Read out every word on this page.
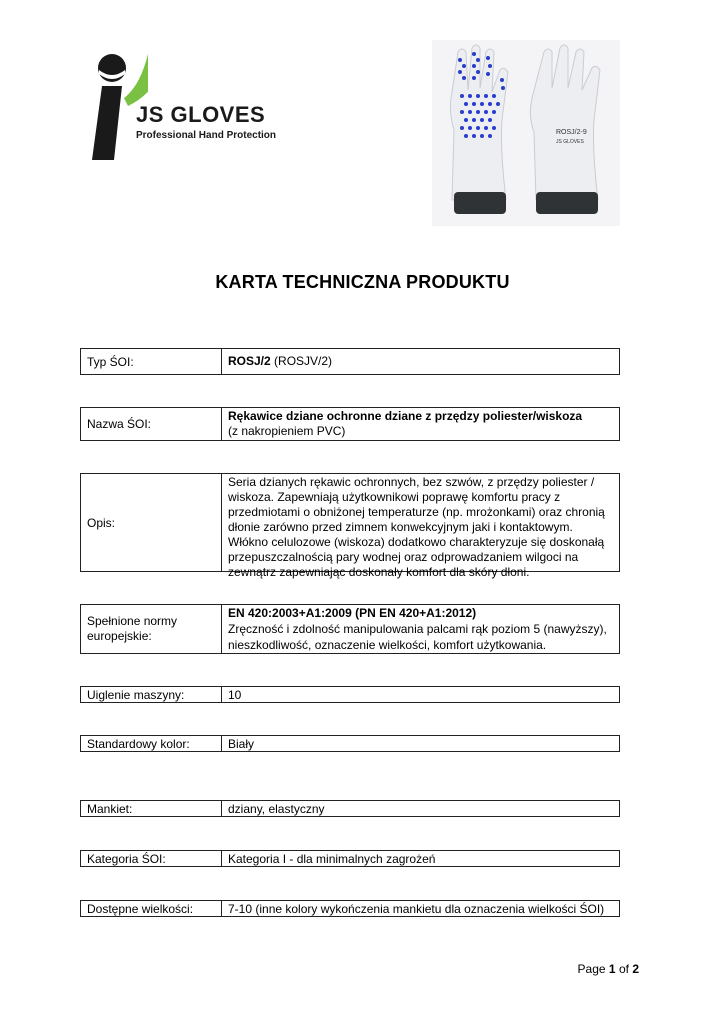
JS GLOVES
Professional Hand Protection	ROSJ/2-9
JS GLOVES
KARTA TECHNICZNA PRODUKTU
Typ ŚOI:	ROSJ/2
(ROSJV/2)
Nazwa ŚOI:
Rękawice dziane ochronne dziane z przędzy poliester/wiskoza
(z nakropieniem PVC)
Opis:
Seria dzianych rękawic ochronnych, bez szwów, z przędzy poliester / wiskoza. Zapewniają użytkownikowi poprawę komfortu pracy z przedmiotami o obniżonej temperaturze (np. mrożonkami) oraz chronią dłonie zarówno przed zimnem konwekcyjnym jaki i kontaktowym. Włókno celulozowe (wiskoza) dodatkowo charakteryzuje się doskonałą przepuszczalnością pary wodnej oraz odprowadzaniem wilgoci na zewnątrz zapewniając doskonały komfort dla skóry dłoni.
Spełnione normy europejskie:
EN 420:2003+A1:2009 (PN EN 420+A1:2012)
Zręczność i zdolność manipulowania palcami rąk poziom 5 (nawyższy), nieszkodliwość, oznaczenie wielkości, komfort użytkowania.
Uiglenie maszyny:	10
Standardowy kolor:	Biały
Mankiet:	dziany, elastyczny
Kategoria ŚOI:	Kategoria I - dla minimalnych zagrożeń
Dostępne wielkości:	7-10 (inne kolory wykończenia mankietu dla oznaczenia wielkości ŚOI)
Page 1 of 2
